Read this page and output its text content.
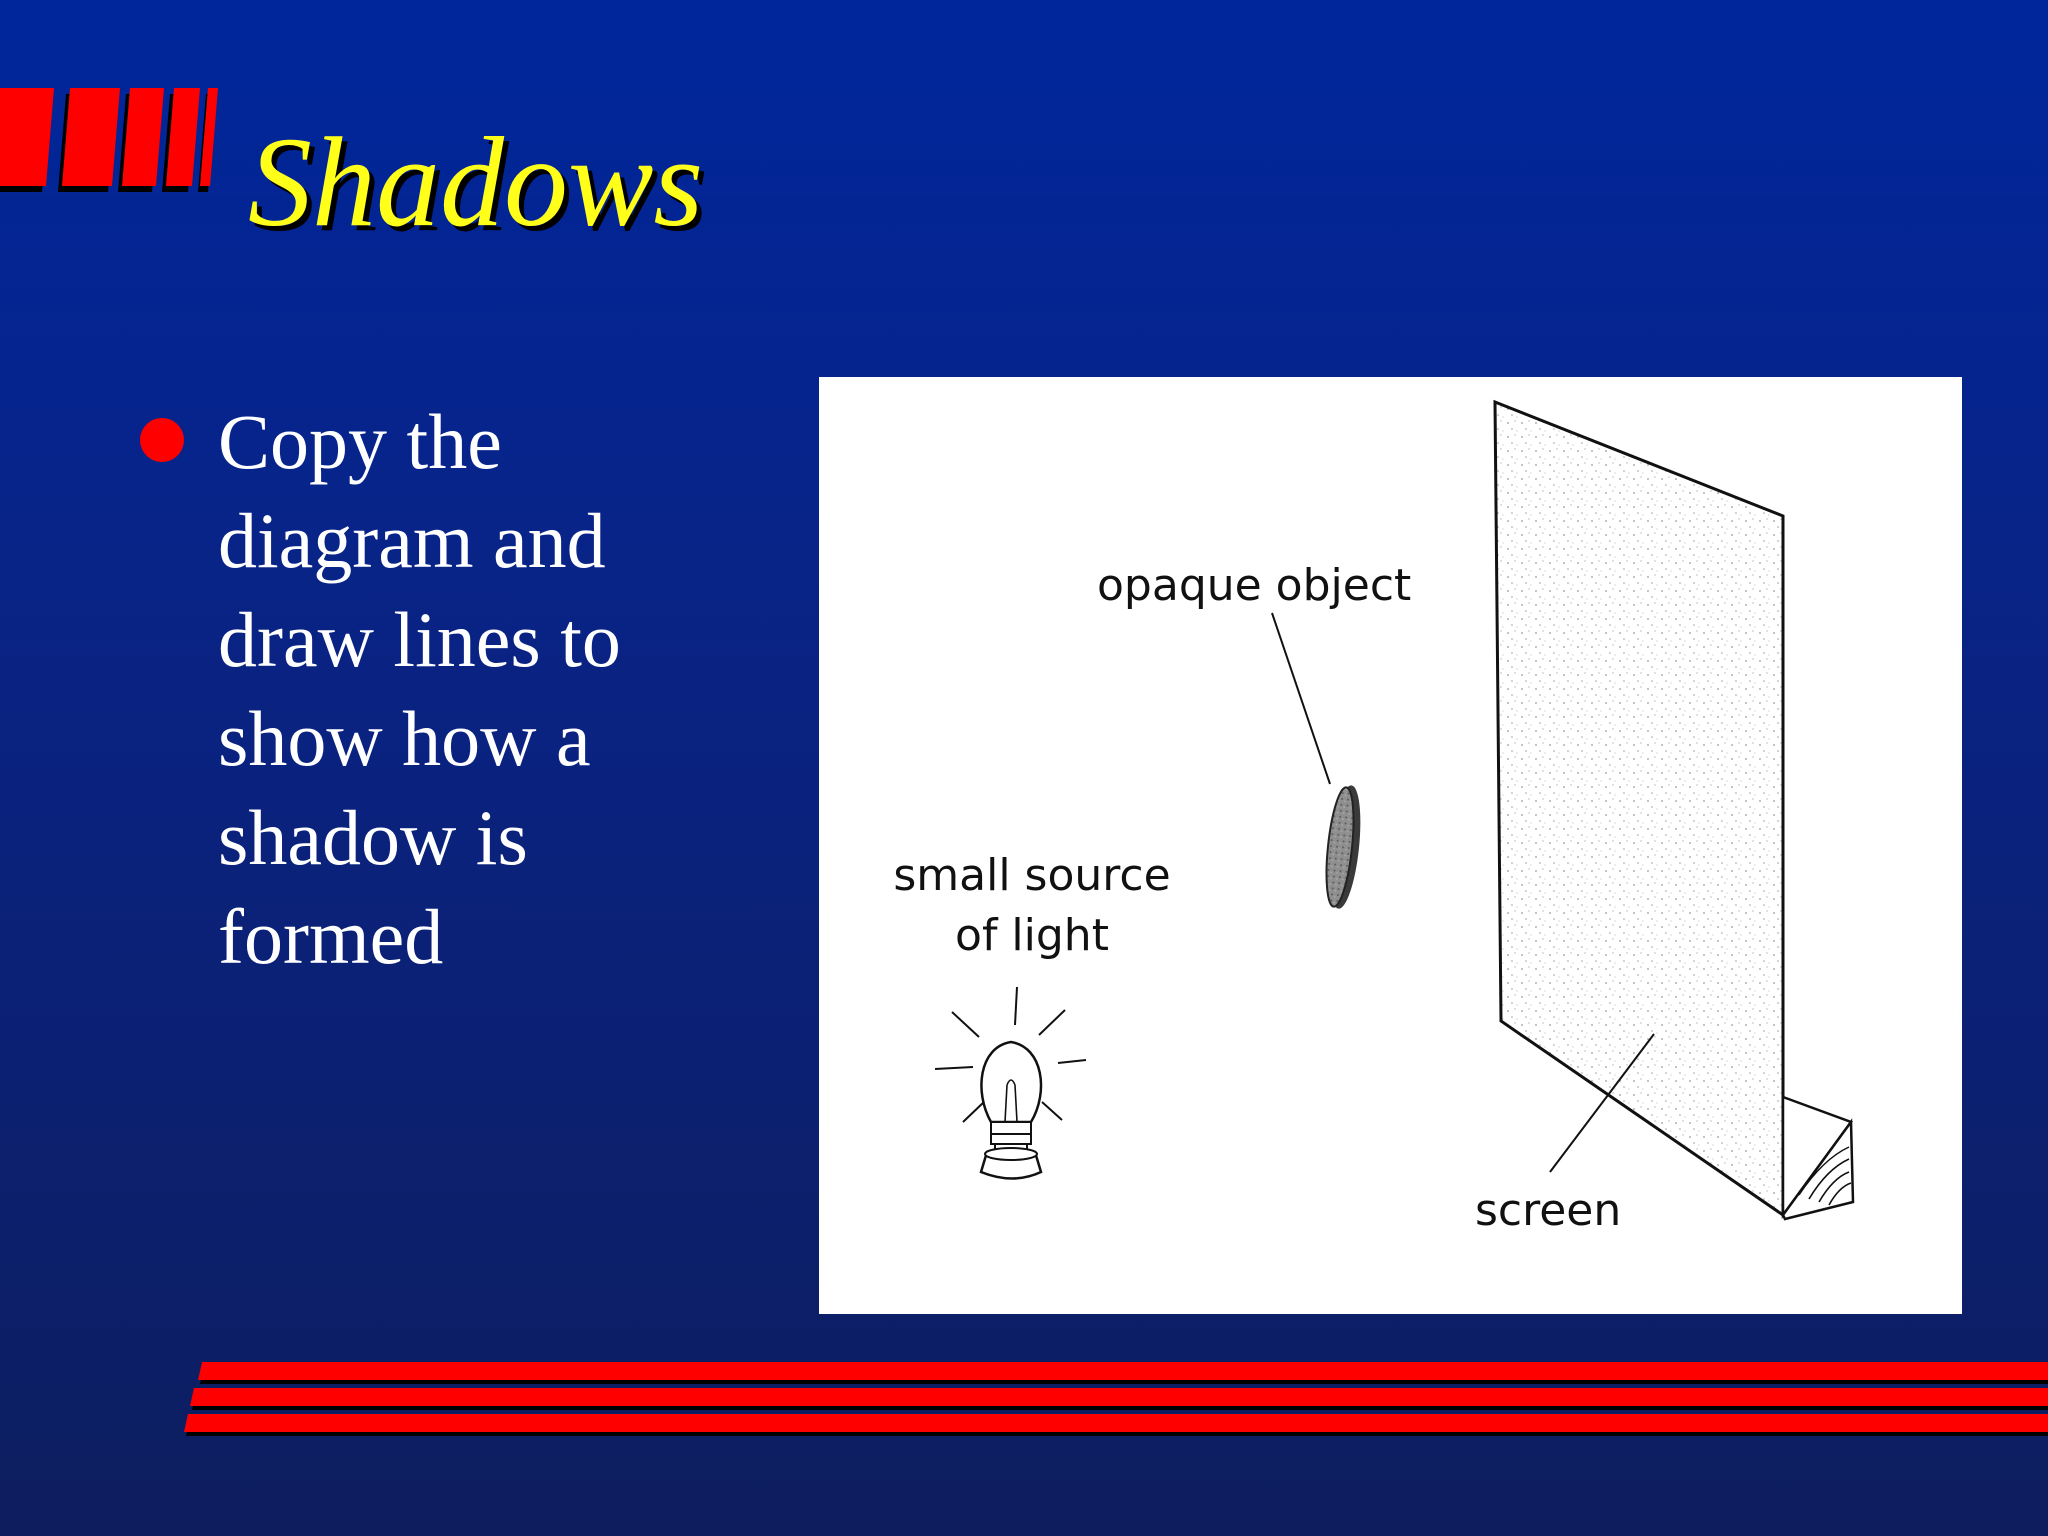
Shadows

Copy the diagram and draw lines to show how a shadow is formed

opaque object

small source

of light

screen
